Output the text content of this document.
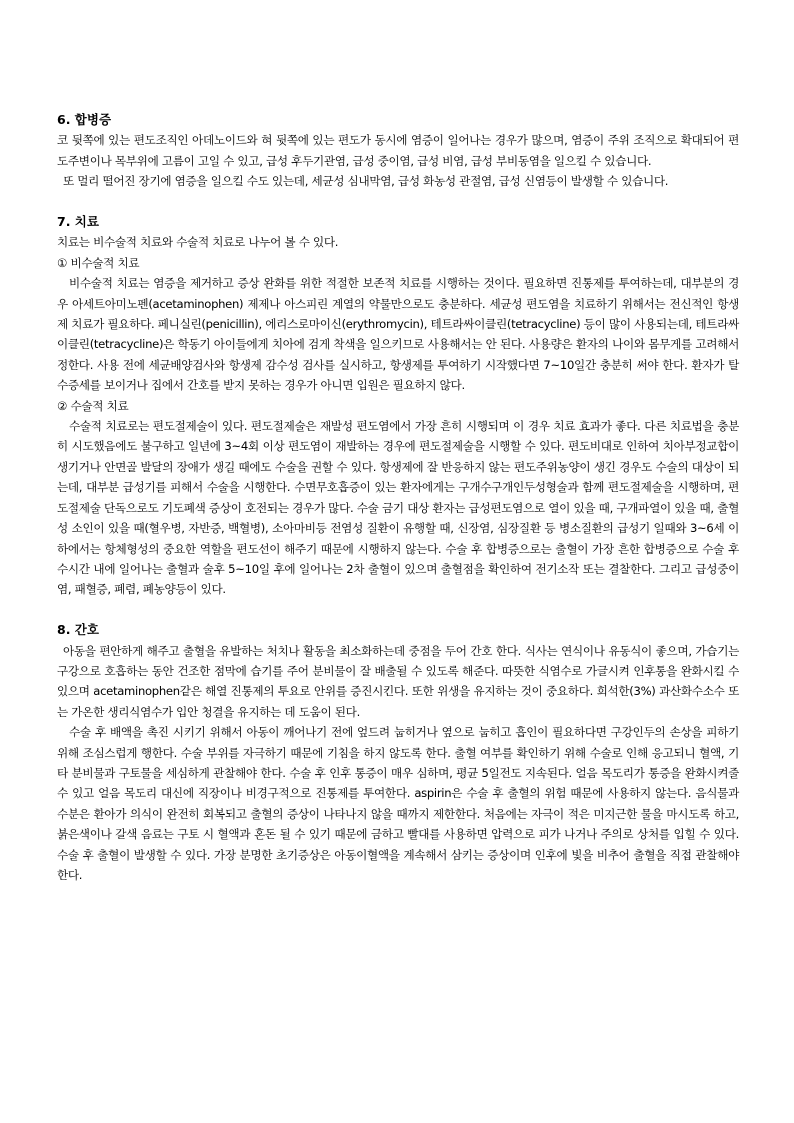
6. 합병증

코 뒷쪽에 있는 편도조직인 아데노이드와 혀 뒷쪽에 있는 편도가 동시에 염증이 일어나는 경우가 많으며, 염증이 주위 조직으로 확대되어 편도주변이나 목부위에 고름이 고일 수 있고, 급성 후두기관염, 급성 중이염, 급성 비염, 급성 부비동염을 일으킬 수 있습니다.

또 멀리 떨어진 장기에 염증을 일으킬 수도 있는데, 세균성 심내막염, 급성 화농성 관절염, 급성 신염등이 발생할 수 있습니다.

7. 치료

치료는 비수술적 치료와 수술적 치료로 나누어 볼 수 있다.

① 비수술적 치료

비수술적 치료는 염증을 제거하고 증상 완화를 위한 적절한 보존적 치료를 시행하는 것이다. 필요하면 진통제를 투여하는데, 대부분의 경우 아세트아미노펜(acetaminophen) 제제나 아스피린 계열의 약물만으로도 충분하다. 세균성 편도염을 치료하기 위해서는 전신적인 항생제 치료가 필요하다. 페니실린(penicillin), 에리스로마이신(erythromycin), 테트라싸이클린(tetracycline) 등이 많이 사용되는데, 테트라싸이클린(tetracycline)은 학동기 아이들에게 치아에 검게 착색을 일으키므로 사용해서는 안 된다. 사용량은 환자의 나이와 몸무게를 고려해서 정한다. 사용 전에 세균배양검사와 항생제 감수성 검사를 실시하고, 항생제를 투여하기 시작했다면 7~10일간 충분히 써야 한다. 환자가 탈수증세를 보이거나 집에서 간호를 받지 못하는 경우가 아니면 입원은 필요하지 않다.

② 수술적 치료

수술적 치료로는 편도절제술이 있다. 편도절제술은 재발성 편도염에서 가장 흔히 시행되며 이 경우 치료 효과가 좋다. 다른 치료법을 충분히 시도했음에도 불구하고 일년에 3~4회 이상 편도염이 재발하는 경우에 편도절제술을 시행할 수 있다. 편도비대로 인하여 치아부정교합이 생기거나 안면골 발달의 장애가 생길 때에도 수술을 권할 수 있다. 항생제에 잘 반응하지 않는 편도주위농양이 생긴 경우도 수술의 대상이 되는데, 대부분 급성기를 피해서 수술을 시행한다. 수면무호흡증이 있는 환자에게는 구개수구개인두성형술과 함께 편도절제술을 시행하며, 편도절제술 단독으로도 기도폐색 증상이 호전되는 경우가 많다. 수술 금기 대상 환자는 급성편도염으로 열이 있을 때, 구개파열이 있을 때, 출혈성 소인이 있을 때(혈우병, 자반증, 백혈병), 소아마비등 전염성 질환이 유행할 때, 신장염, 심장질환 등 병소질환의 급성기 일때와 3~6세 이하에서는 항체형성의 중요한 역할을 편도선이 해주기 때문에 시행하지 않는다. 수술 후 합병증으로는 출혈이 가장 흔한 합병증으로 수술 후 수시간 내에 일어나는 출혈과 술후 5~10일 후에 일어나는 2차 출혈이 있으며 출혈점을 확인하여 전기소작 또는 결찰한다. 그리고 급성중이염, 패혈증, 폐렴, 폐농양등이 있다.

8. 간호

아동을 편안하게 해주고 출혈을 유발하는 처치나 활동을 최소화하는데 중점을 두어 간호 한다. 식사는 연식이나 유동식이 좋으며, 가습기는 구강으로 호흡하는 동안 건조한 점막에 습기를 주어 분비물이 잘 배출될 수 있도록 해준다. 따뜻한 식염수로 가글시켜 인후통을 완화시킬 수 있으며 acetaminophen같은 해열 진통제의 투요로 안위를 증진시킨다. 또한 위생을 유지하는 것이 중요하다. 희석한(3%) 과산화수소수 또는 가온한 생리식염수가 입안 청결을 유지하는 데 도움이 된다.

수술 후 배액을 촉진 시키기 위해서 아동이 깨어나기 전에 엎드려 눕히거나 옆으로 눕히고 흡인이 필요하다면 구강인두의 손상을 피하기 위해 조심스럽게 행한다. 수술 부위를 자극하기 때문에 기침을 하지 않도록 한다. 출혈 여부를 확인하기 위해 수술로 인해 응고되니 혈액, 기타 분비물과 구토물을 세심하게 관찰해야 한다. 수술 후 인후 통증이 매우 심하며, 평균 5일전도 지속된다. 얼음 목도리가 통증을 완화시켜줄 수 있고 얼음 목도리 대신에 직장이나 비경구적으로 진통제를 투여한다. aspirin은 수술 후 출혈의 위험 때문에 사용하지 않는다. 음식물과 수분은 환아가 의식이 완전히 회복되고 출혈의 증상이 나타나지 않을 때까지 제한한다. 처음에는 자극이 적은 미지근한 물을 마시도록 하고, 붉은색이나 갈색 음료는 구토 시 혈액과 혼돈 될 수 있기 때문에 금하고 빨대를 사용하면 압력으로 피가 나거나 주의로 상처를 입힐 수 있다. 수술 후 출혈이 발생할 수 있다. 가장 분명한 초기증상은 아동이혈액을 계속해서 삼키는 증상이며 인후에 빛을 비추어 출혈을 직접 관찰해야 한다.
